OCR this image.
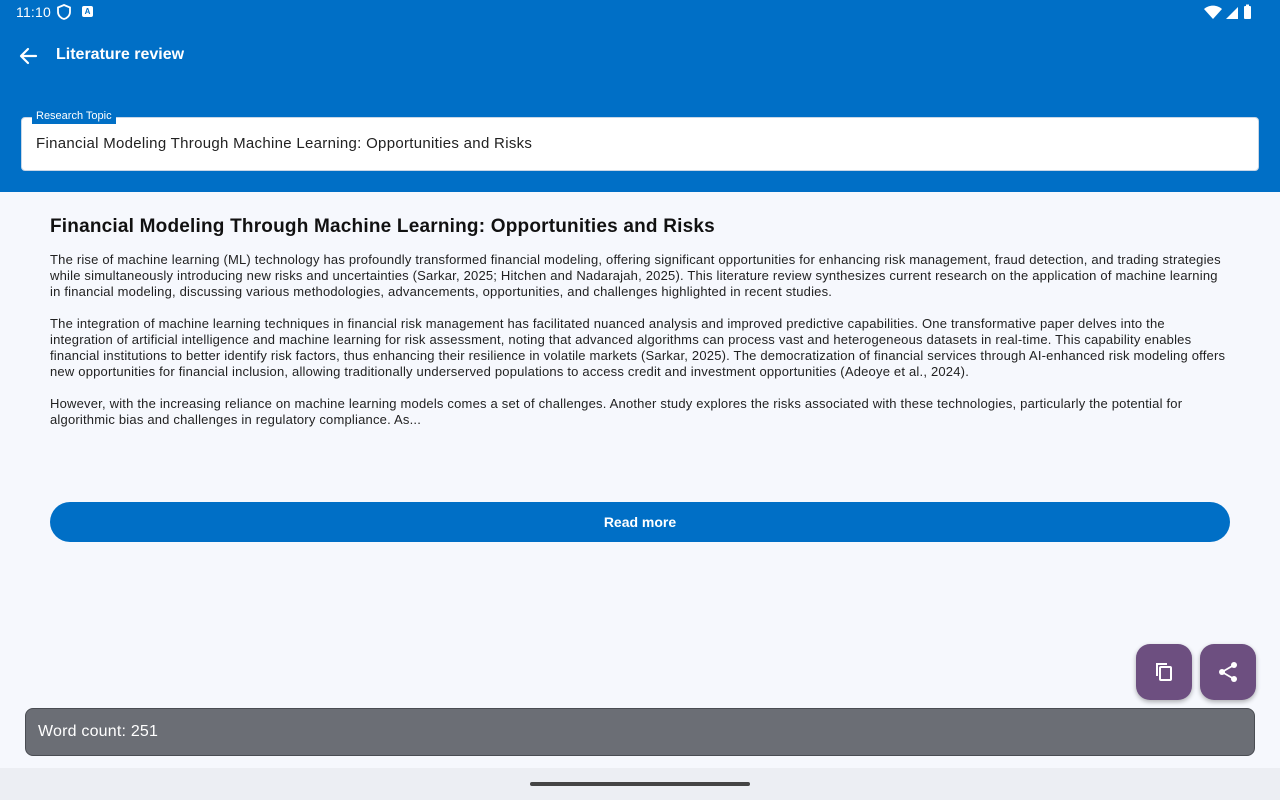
11:10	A
Literature review
Research Topic
Financial Modeling Through Machine Learning: Opportunities and Risks
Financial Modeling Through Machine Learning: Opportunities and Risks

The rise of machine learning (ML) technology has profoundly transformed financial modeling, offering significant opportunities for enhancing risk management, fraud detection, and trading strategies while simultaneously introducing new risks and uncertainties (Sarkar, 2025; Hitchen and Nadarajah, 2025). This literature review synthesizes current research on the application of machine learning in financial modeling, discussing various methodologies, advancements, opportunities, and challenges highlighted in recent studies.

The integration of machine learning techniques in financial risk management has facilitated nuanced analysis and improved predictive capabilities. One transformative paper delves into the integration of artificial intelligence and machine learning for risk assessment, noting that advanced algorithms can process vast and heterogeneous datasets in real-time. This capability enables financial institutions to better identify risk factors, thus enhancing their resilience in volatile markets (Sarkar, 2025). The democratization of financial services through AI-enhanced risk modeling offers new opportunities for financial inclusion, allowing traditionally underserved populations to access credit and investment opportunities (Adeoye et al., 2024).

However, with the increasing reliance on machine learning models comes a set of challenges. Another study explores the risks associated with these technologies, particularly the potential for algorithmic bias and challenges in regulatory compliance. As...

Read more
Word count: 251
